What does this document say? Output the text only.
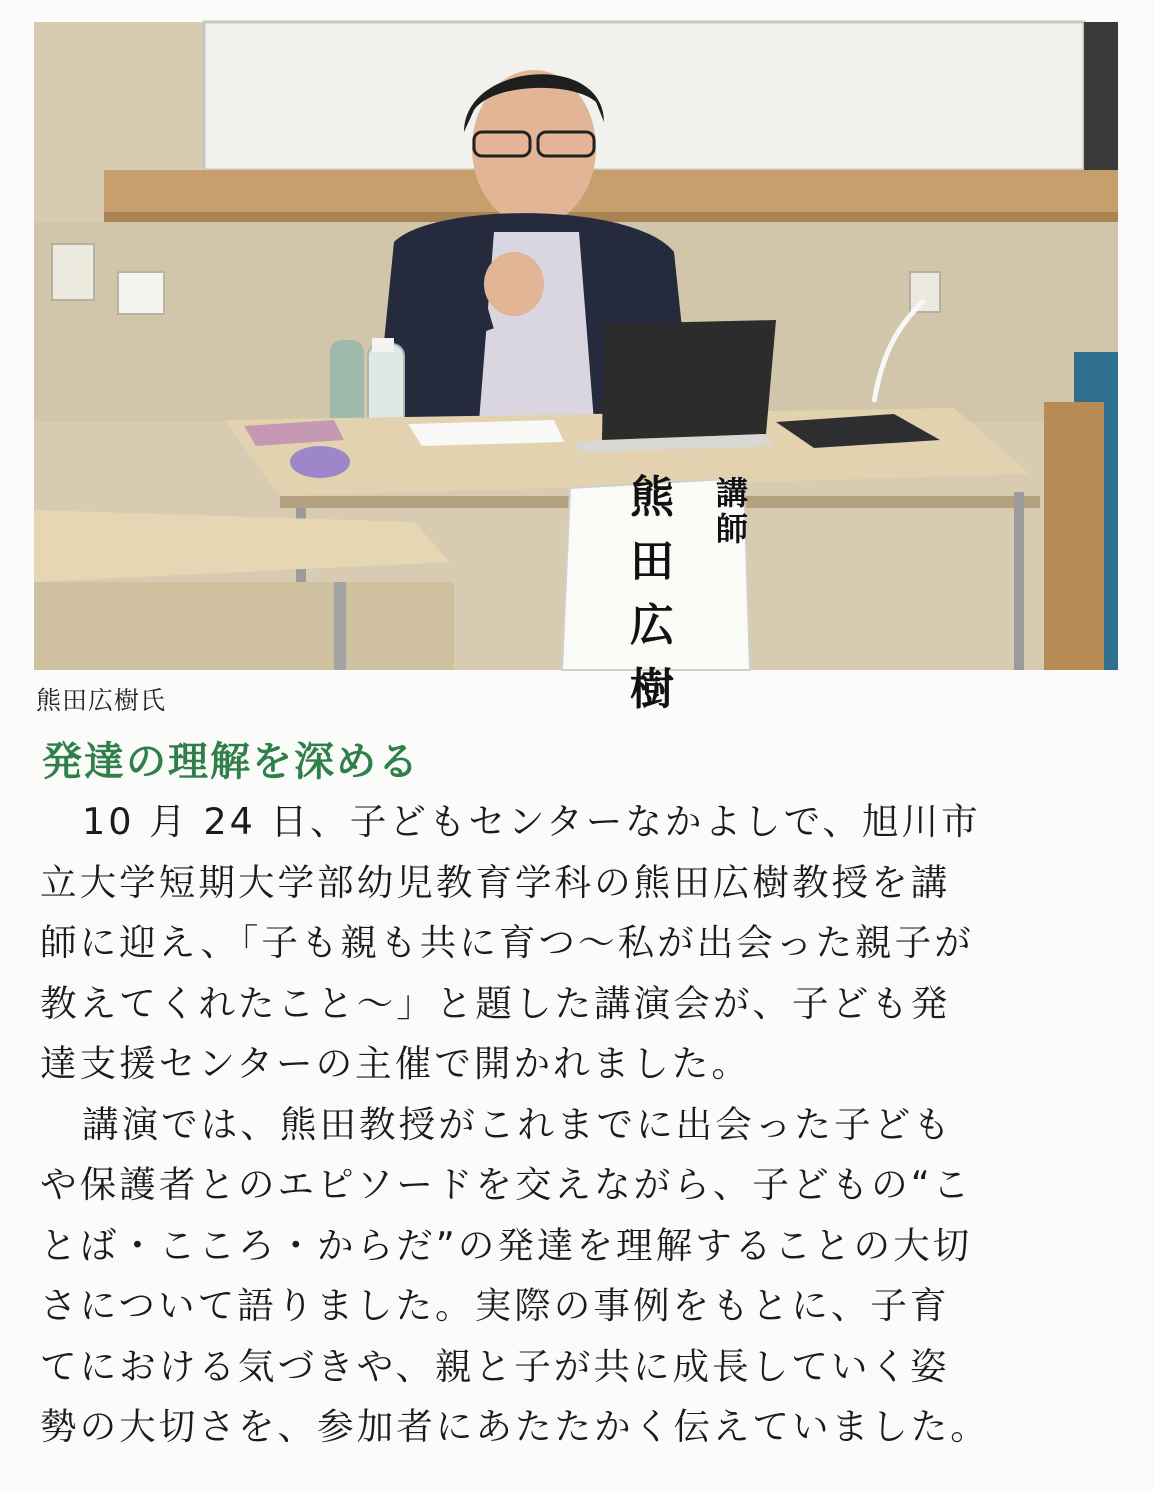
講師
熊田広樹
熊田広樹氏
発達の理解を深める
10 月 24 日、子どもセンターなかよしで、旭川市
立大学短期大学部幼児教育学科の熊田広樹教授を講
師に迎え、「子も親も共に育つ～私が出会った親子が
教えてくれたこと～」と題した講演会が、子ども発
達支援センターの主催で開かれました。
講演では、熊田教授がこれまでに出会った子ども
や保護者とのエピソードを交えながら、子どもの“こ
とば・こころ・からだ”の発達を理解することの大切
さについて語りました。実際の事例をもとに、子育
てにおける気づきや、親と子が共に成長していく姿
勢の大切さを、参加者にあたたかく伝えていました。
